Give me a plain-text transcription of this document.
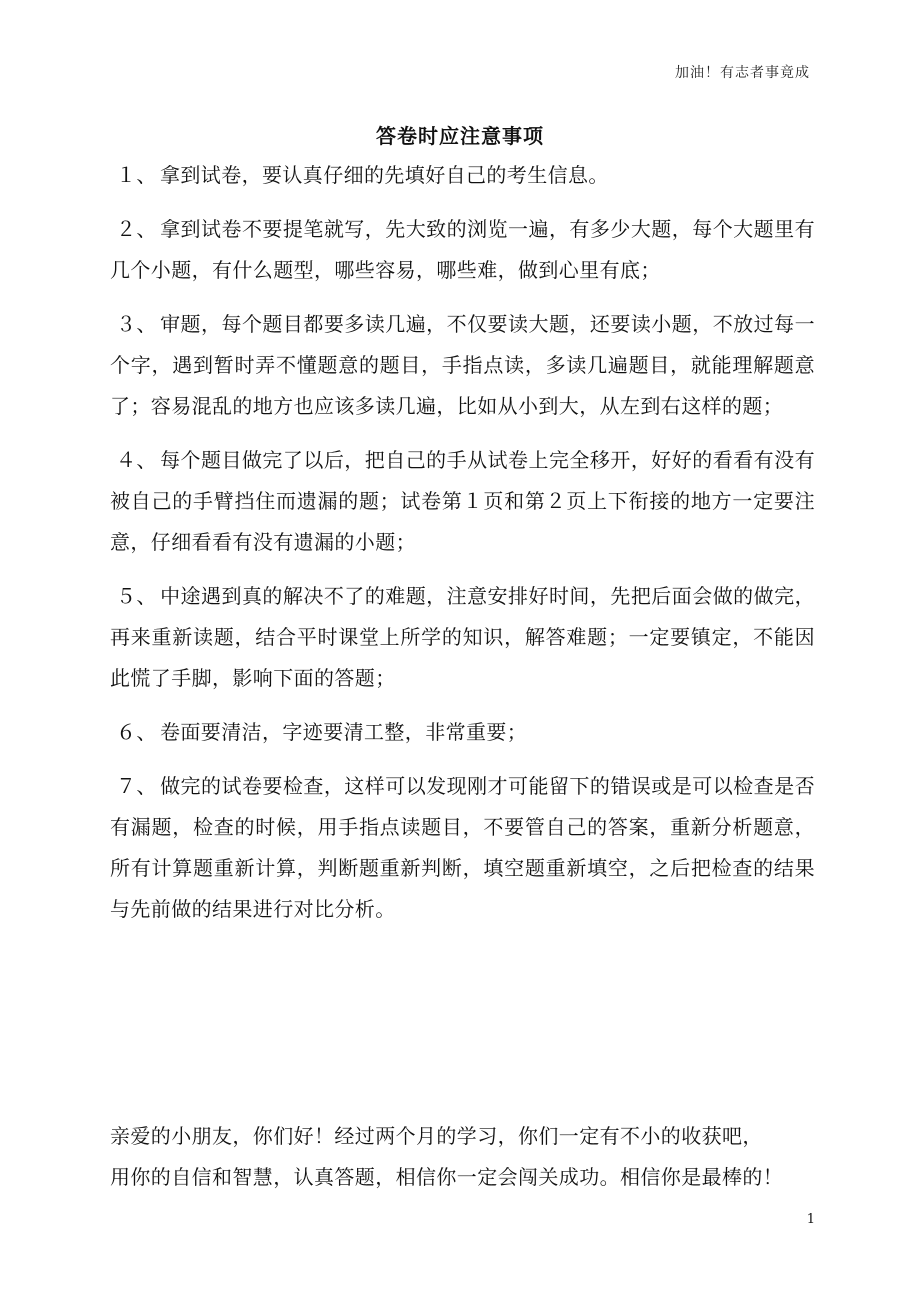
加油！有志者事竟成
答卷时应注意事项

１、 拿到试卷，要认真仔细的先填好自己的考生信息。

２、 拿到试卷不要提笔就写，先大致的浏览一遍，有多少大题，每个大题里有几个小题，有什么题型，哪些容易，哪些难，做到心里有底；

３、 审题，每个题目都要多读几遍，不仅要读大题，还要读小题，不放过每一个字，遇到暂时弄不懂题意的题目，手指点读，多读几遍题目，就能理解题意了；容易混乱的地方也应该多读几遍，比如从小到大，从左到右这样的题；

４、 每个题目做完了以后，把自己的手从试卷上完全移开，好好的看看有没有被自己的手臂挡住而遗漏的题；试卷第１页和第２页上下衔接的地方一定要注意，仔细看看有没有遗漏的小题；

５、 中途遇到真的解决不了的难题，注意安排好时间，先把后面会做的做完，再来重新读题，结合平时课堂上所学的知识，解答难题；一定要镇定，不能因此慌了手脚，影响下面的答题；

６、 卷面要清洁，字迹要清工整，非常重要；

７、 做完的试卷要检查，这样可以发现刚才可能留下的错误或是可以检查是否有漏题，检查的时候，用手指点读题目，不要管自己的答案，重新分析题意，所有计算题重新计算，判断题重新判断，填空题重新填空，之后把检查的结果与先前做的结果进行对比分析。

亲爱的小朋友，你们好！经过两个月的学习，你们一定有不小的收获吧，
用你的自信和智慧，认真答题，相信你一定会闯关成功。相信你是最棒的！
1
